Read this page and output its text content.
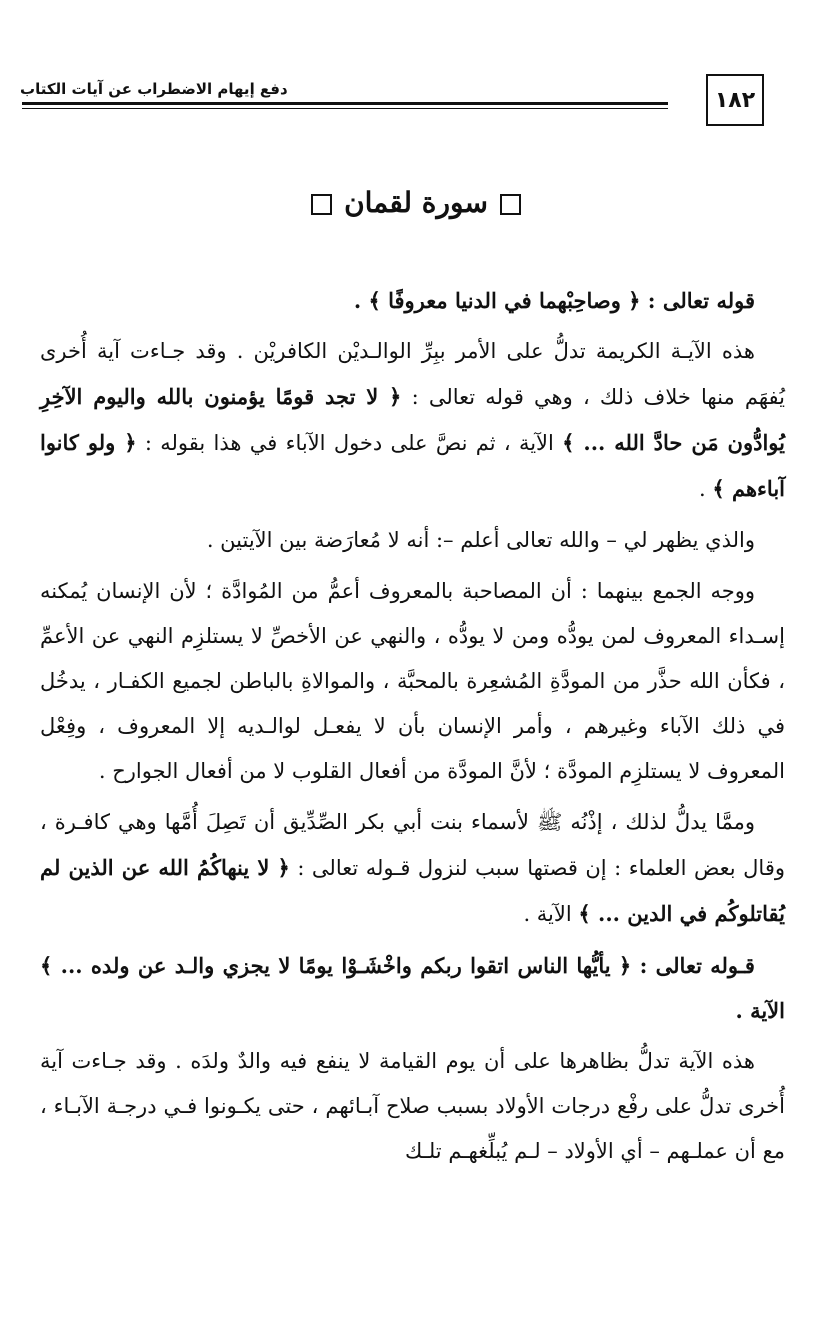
١٨٢
دفع إيهام الاضطراب عن آيات الكتاب
سورة لقمان

قوله تعالى : ﴿ وصاحِبْهما في الدنيا معروفًا ﴾ .

هذه الآيـة الكريمة تدلُّ على الأمر ببِرِّ الوالـديْن الكافريْن . وقد جـاءت آية أُخرى يُفهَم منها خلاف ذلك ، وهي قوله تعالى : ﴿ لا تجد قومًا يؤمنون بالله واليوم الآخِرِ يُوادُّون مَن حادَّ الله ... ﴾ الآية ، ثم نصَّ على دخول الآباء في هذا بقوله : ﴿ ولو كانوا آباءهم ﴾ .

والذي يظهر لي – والله تعالى أعلم –: أنه لا مُعارَضة بين الآيتين .

ووجه الجمع بينهما : أن المصاحبة بالمعروف أعمُّ من المُوادَّة ؛ لأن الإنسان يُمكنه إسـداء المعروف لمن يودُّه ومن لا يودُّه ، والنهي عن الأخصِّ لا يستلزِم النهي عن الأعمِّ ، فكأن الله حذَّر من المودَّةِ المُشعِرة بالمحبَّة ، والموالاةِ بالباطن لجميع الكفـار ، يدخُل في ذلك الآباء وغيرهم ، وأمر الإنسان بأن لا يفعـل لوالـديه إلا المعروف ، وفِعْل المعروف لا يستلزِم المودَّة ؛ لأنَّ المودَّة من أفعال القلوب لا من أفعال الجوارح .

وممَّا يدلُّ لذلك ، إذْنُه ﷺ لأسماء بنت أبي بكر الصِّدِّيق أن تَصِلَ أُمَّها وهي كافـرة ، وقال بعض العلماء : إن قصتها سبب لنزول قـوله تعالى : ﴿ لا ينهاكُمُ الله عن الذين لم يُقاتلوكُم في الدين ... ﴾ الآية .

قـوله تعالى : ﴿ يأيُّها الناس اتقوا ربكم واخْشَـوْا يومًا لا يجزي والـد عن ولده ... ﴾ الآية .

هذه الآية تدلُّ بظاهرها على أن يوم القيامة لا ينفع فيه والدٌ ولدَه . وقد جـاءت آية أُخرى تدلُّ على رفْع درجات الأولاد بسبب صلاح آبـائهم ، حتى يكـونوا فـي درجـة الآبـاء ، مع أن عملـهم – أي الأولاد – لـم يُبلِّغهـم تلـك
